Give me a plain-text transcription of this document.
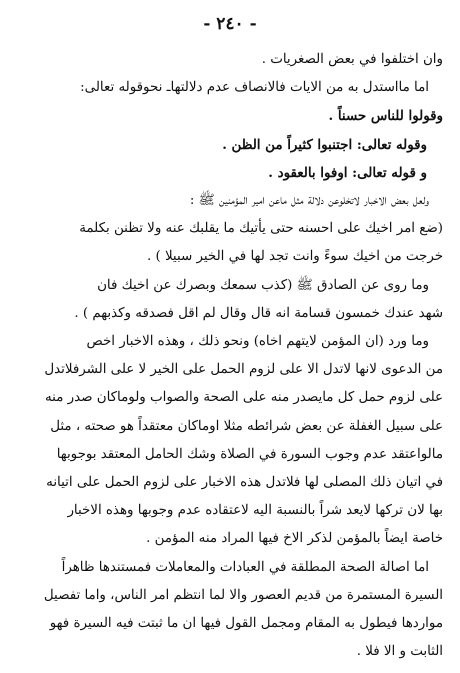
- ٢٤٠ -
وان اختلفوا في بعض الصغريات .
اما مااستدل به من الايات فالانصاف عدم دلالتهاـ نحوقوله تعالى:
وقولوا للناس حسناً .
وقوله تعالى: اجتنبوا كثيراً من الظن .
و قوله تعالى: اوفوا بالعقود .
ولعل بعض الاخبار لاتخلوعن دلالة مثل ماعن امير المؤمنين ﷺ :
(ضع امر اخيك على احسنه حتى يأتيك ما يقلبك عنه ولا تظنن بكلمة
خرجت من اخيك سوءً وانت تجد لها في الخير سبيلا ) .
وما روى عن الصادق ﷺ (كذب سمعك وبصرك عن اخيك فان
شهد عندك خمسون قسامة انه قال وقال لم اقل فصدقه وكذبهم ) .
وما ورد (ان المؤمن لايتهم اخاه) ونحو ذلك ، وهذه الاخبار اخص
من الدعوى لانها لاتدل الا على لزوم الحمل على الخير لا على الشرفلاتدل
على لزوم حمل كل مايصدر منه على الصحة والصواب ولوماكان صدر منه
على سبيل الغفلة عن بعض شرائطه مثلا اوماكان معتقداً هو صحته ، مثل
مالواعتقد عدم وجوب السورة في الصلاة وشك الحامل المعتقد بوجوبها
في اتيان ذلك المصلى لها فلاتدل هذه الاخبار على لزوم الحمل على اتيانه
بها لان تركها لايعد شراً بالنسبة اليه لاعتقاده عدم وجوبها وهذه الاخبار
خاصة ايضاً بالمؤمن لذكر الاخ فيها المراد منه المؤمن .
اما اصالة الصحة المطلقة في العبادات والمعاملات فمستندها ظاهراً
السيرة المستمرة من قديم العصور والا لما انتظم امر الناس، واما تفصيل
مواردها فيطول به المقام ومجمل القول فيها ان ما ثبتت فيه السيرة فهو
الثابت و الا فلا .
